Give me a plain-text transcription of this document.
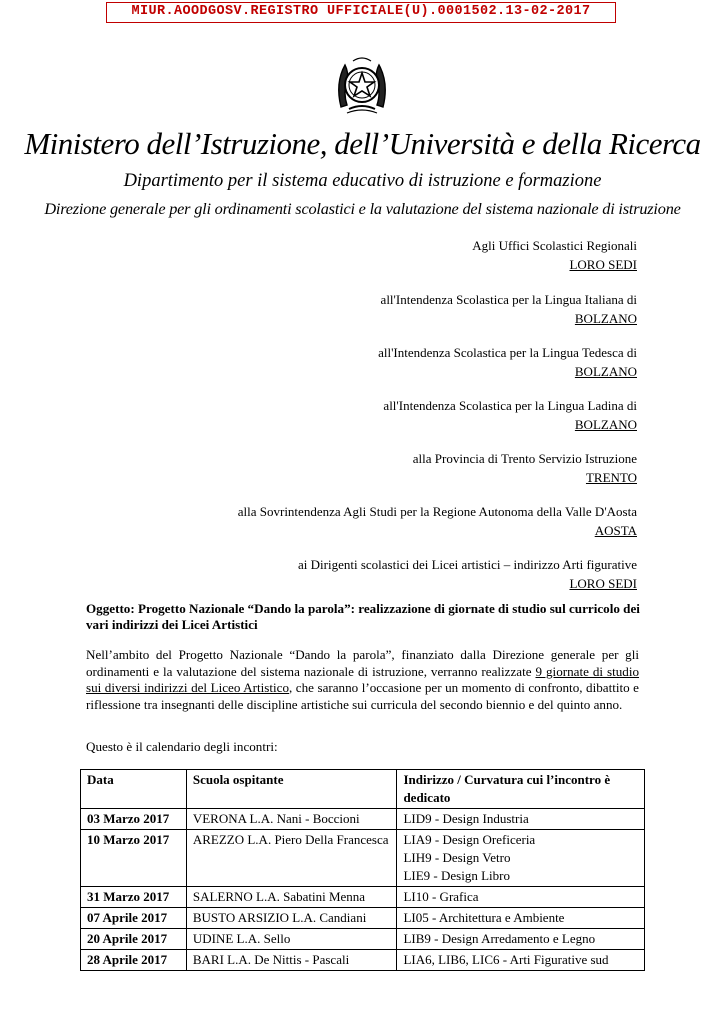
MIUR.AOODGOSV.REGISTRO UFFICIALE(U).0001502.13-02-2017
Ministero dell’Istruzione, dell’Università e della Ricerca
Dipartimento per il sistema educativo di istruzione e formazione
Direzione generale per gli ordinamenti scolastici e la valutazione del sistema nazionale di istruzione
Agli Uffici Scolastici Regionali
LORO SEDI
all'Intendenza Scolastica per la Lingua Italiana di
BOLZANO
all'Intendenza Scolastica per la Lingua Tedesca di
BOLZANO
all'Intendenza Scolastica per la Lingua Ladina di
BOLZANO
alla Provincia di Trento Servizio Istruzione
TRENTO
alla Sovrintendenza Agli Studi per la Regione Autonoma della Valle D'Aosta
AOSTA
ai Dirigenti scolastici dei Licei artistici – indirizzo Arti figurative
LORO SEDI
Oggetto: Progetto Nazionale “Dando la parola”: realizzazione di giornate di studio sul curricolo dei vari indirizzi dei Licei Artistici
Nell’ambito del Progetto Nazionale “Dando la parola”, finanziato dalla Direzione generale per gli ordinamenti e la valutazione del sistema nazionale di istruzione, verranno realizzate 9 giornate di studio sui diversi indirizzi del Liceo Artistico, che saranno l’occasione per un momento di confronto, dibattito e riflessione tra insegnanti delle discipline artistiche sui curricula del secondo biennio e del quinto anno.
Questo è il calendario degli incontri:
Data	Scuola ospitante	Indirizzo / Curvatura cui l’incontro è dedicato
03 Marzo 2017	VERONA L.A. Nani - Boccioni	LID9 - Design Industria

10 Marzo 2017	AREZZO L.A. Piero Della Francesca	LIA9 - Design Oreficeria
LIH9 - Design Vetro
LIE9 - Design Libro

31 Marzo 2017	SALERNO L.A. Sabatini Menna	LI10 - Grafica

07 Aprile 2017	BUSTO ARSIZIO L.A. Candiani	LI05 - Architettura e Ambiente

20 Aprile 2017	UDINE L.A. Sello	LIB9 - Design Arredamento e Legno

28 Aprile 2017	BARI L.A. De Nittis - Pascali	LIA6, LIB6, LIC6 - Arti Figurative sud
